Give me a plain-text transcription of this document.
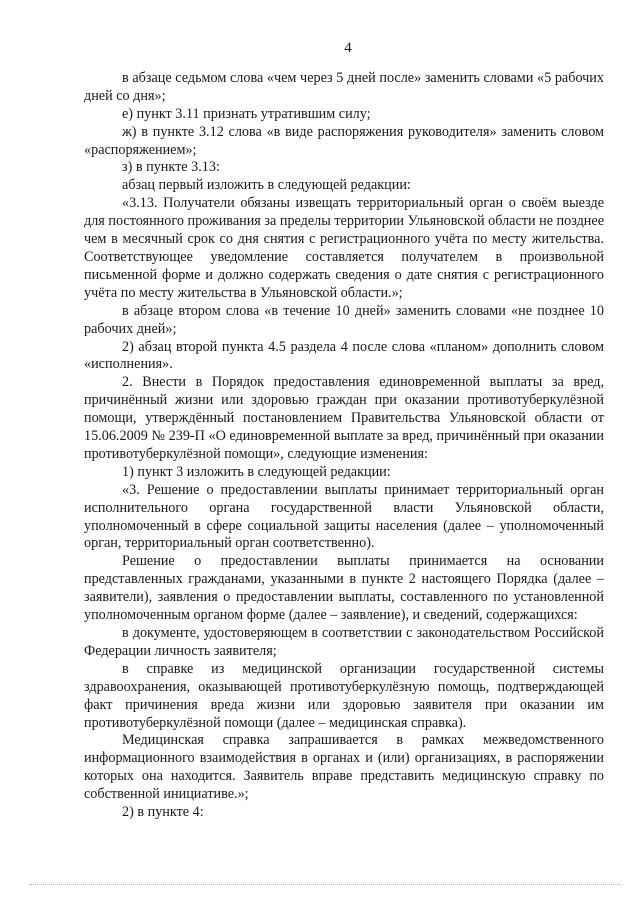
4

в абзаце седьмом слова «чем через 5 дней после» заменить словами «5 рабочих дней со дня»;

е) пункт 3.11 признать утратившим силу;

ж) в пункте 3.12 слова «в виде распоряжения руководителя» заменить словом «распоряжением»;

з) в пункте 3.13:

абзац первый изложить в следующей редакции:

«3.13. Получатели обязаны извещать территориальный орган о своём выезде для постоянного проживания за пределы территории Ульяновской области не позднее чем в месячный срок со дня снятия с регистрационного учёта по месту жительства. Соответствующее уведомление составляется получателем в произвольной письменной форме и должно содержать сведения о дате снятия с регистрационного учёта по месту жительства в Ульяновской области.»;

в абзаце втором слова «в течение 10 дней» заменить словами «не позднее 10 рабочих дней»;

2) абзац второй пункта 4.5 раздела 4 после слова «планом» дополнить словом «исполнения».

2. Внести в Порядок предоставления единовременной выплаты за вред, причинённый жизни или здоровью граждан при оказании противотуберкулёзной помощи, утверждённый постановлением Правительства Ульяновской области от 15.06.2009 № 239-П «О единовременной выплате за вред, причинённый при оказании противотуберкулёзной помощи», следующие изменения:

1) пункт 3 изложить в следующей редакции:

«3. Решение о предоставлении выплаты принимает территориальный орган исполнительного органа государственной власти Ульяновской области, уполномоченный в сфере социальной защиты населения (далее – уполномоченный орган, территориальный орган соответственно).

Решение о предоставлении выплаты принимается на основании представленных гражданами, указанными в пункте 2 настоящего Порядка (далее – заявители), заявления о предоставлении выплаты, составленного по установленной уполномоченным органом форме (далее – заявление), и сведений, содержащихся:

в документе, удостоверяющем в соответствии с законодательством Российской Федерации личность заявителя;

в справке из медицинской организации государственной системы здравоохранения, оказывающей противотуберкулёзную помощь, подтверждающей факт причинения вреда жизни или здоровью заявителя при оказании им противотуберкулёзной помощи (далее – медицинская справка).

Медицинская справка запрашивается в рамках межведомственного информационного взаимодействия в органах и (или) организациях, в распоряжении которых она находится. Заявитель вправе представить медицинскую справку по собственной инициативе.»;

2) в пункте 4:
